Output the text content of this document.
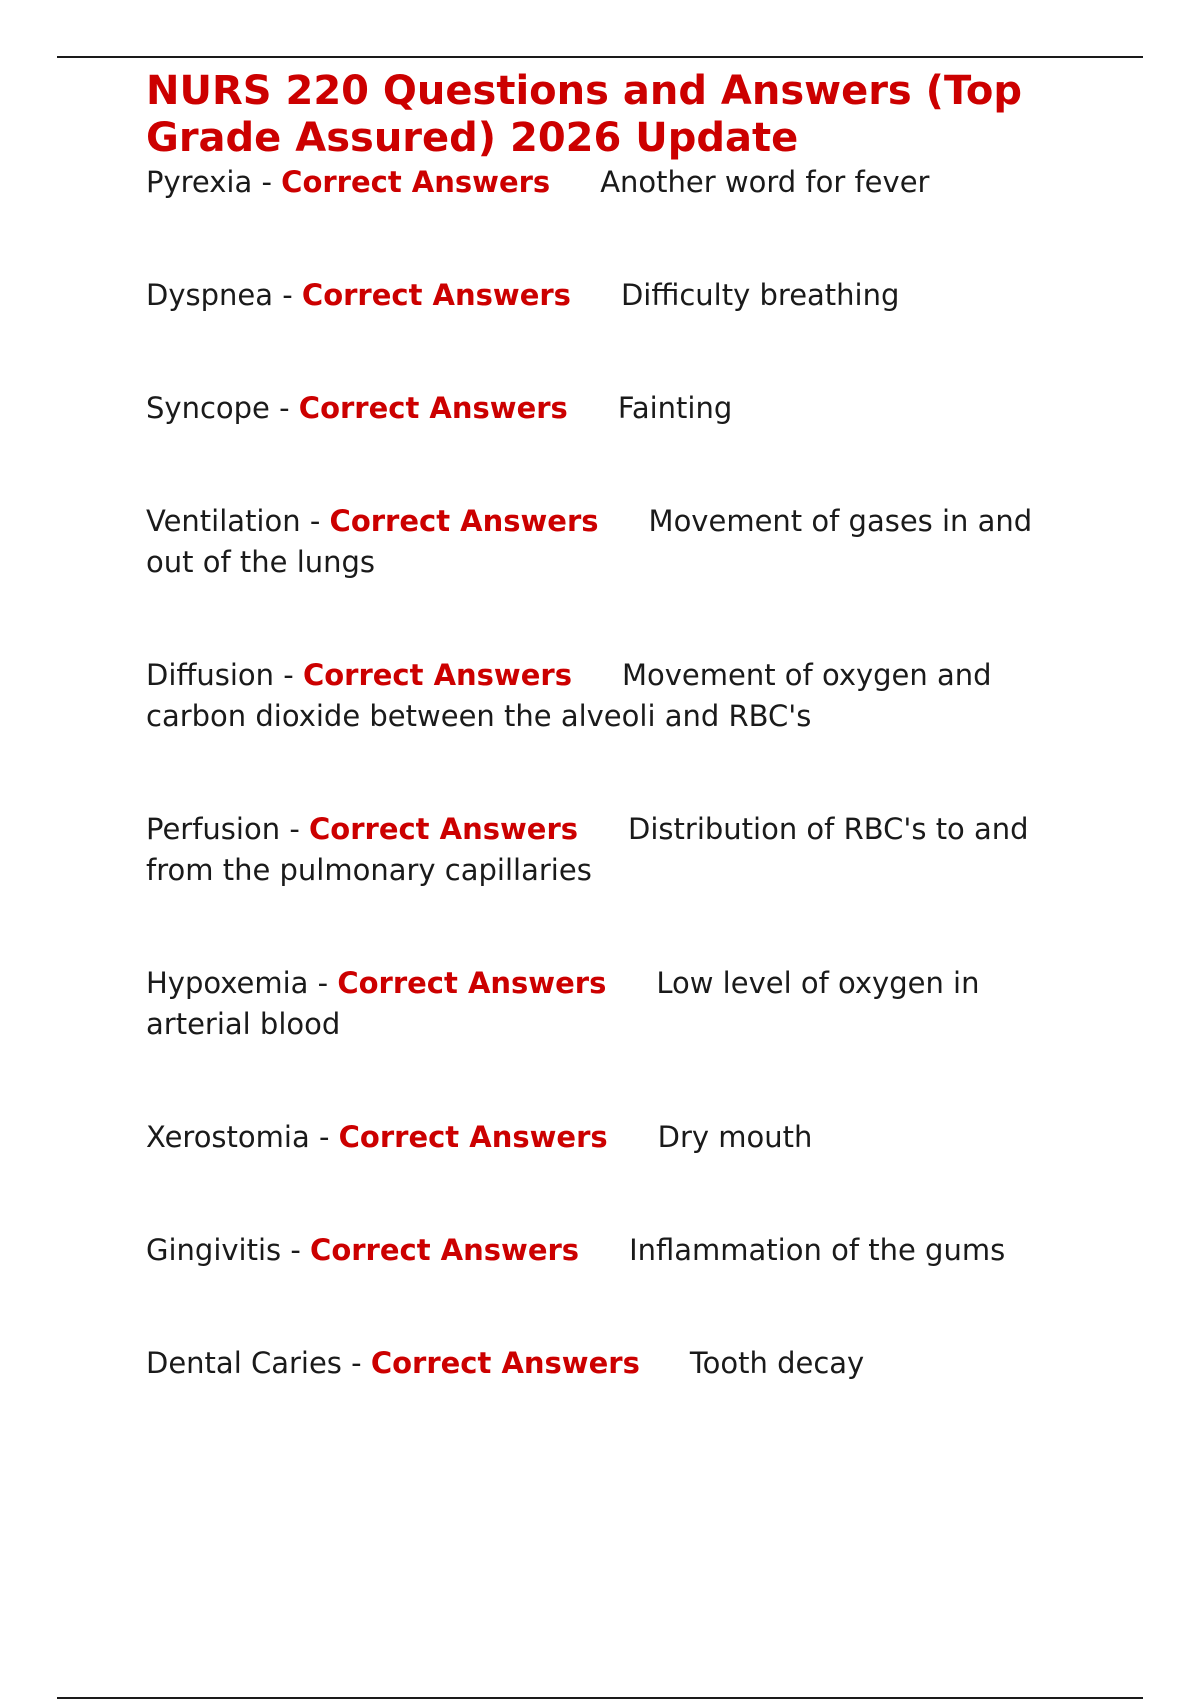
NURS 220 Questions and Answers (Top Grade Assured) 2026 Update
Pyrexia - Correct Answers Another word for fever
Dyspnea - Correct Answers Difficulty breathing
Syncope - Correct Answers Fainting
Ventilation - Correct Answers Movement of gases in and out of the lungs
Diffusion - Correct Answers Movement of oxygen and carbon dioxide between the alveoli and RBC's
Perfusion - Correct Answers Distribution of RBC's to and from the pulmonary capillaries
Hypoxemia - Correct Answers Low level of oxygen in arterial blood
Xerostomia - Correct Answers Dry mouth
Gingivitis - Correct Answers Inflammation of the gums
Dental Caries - Correct Answers Tooth decay
